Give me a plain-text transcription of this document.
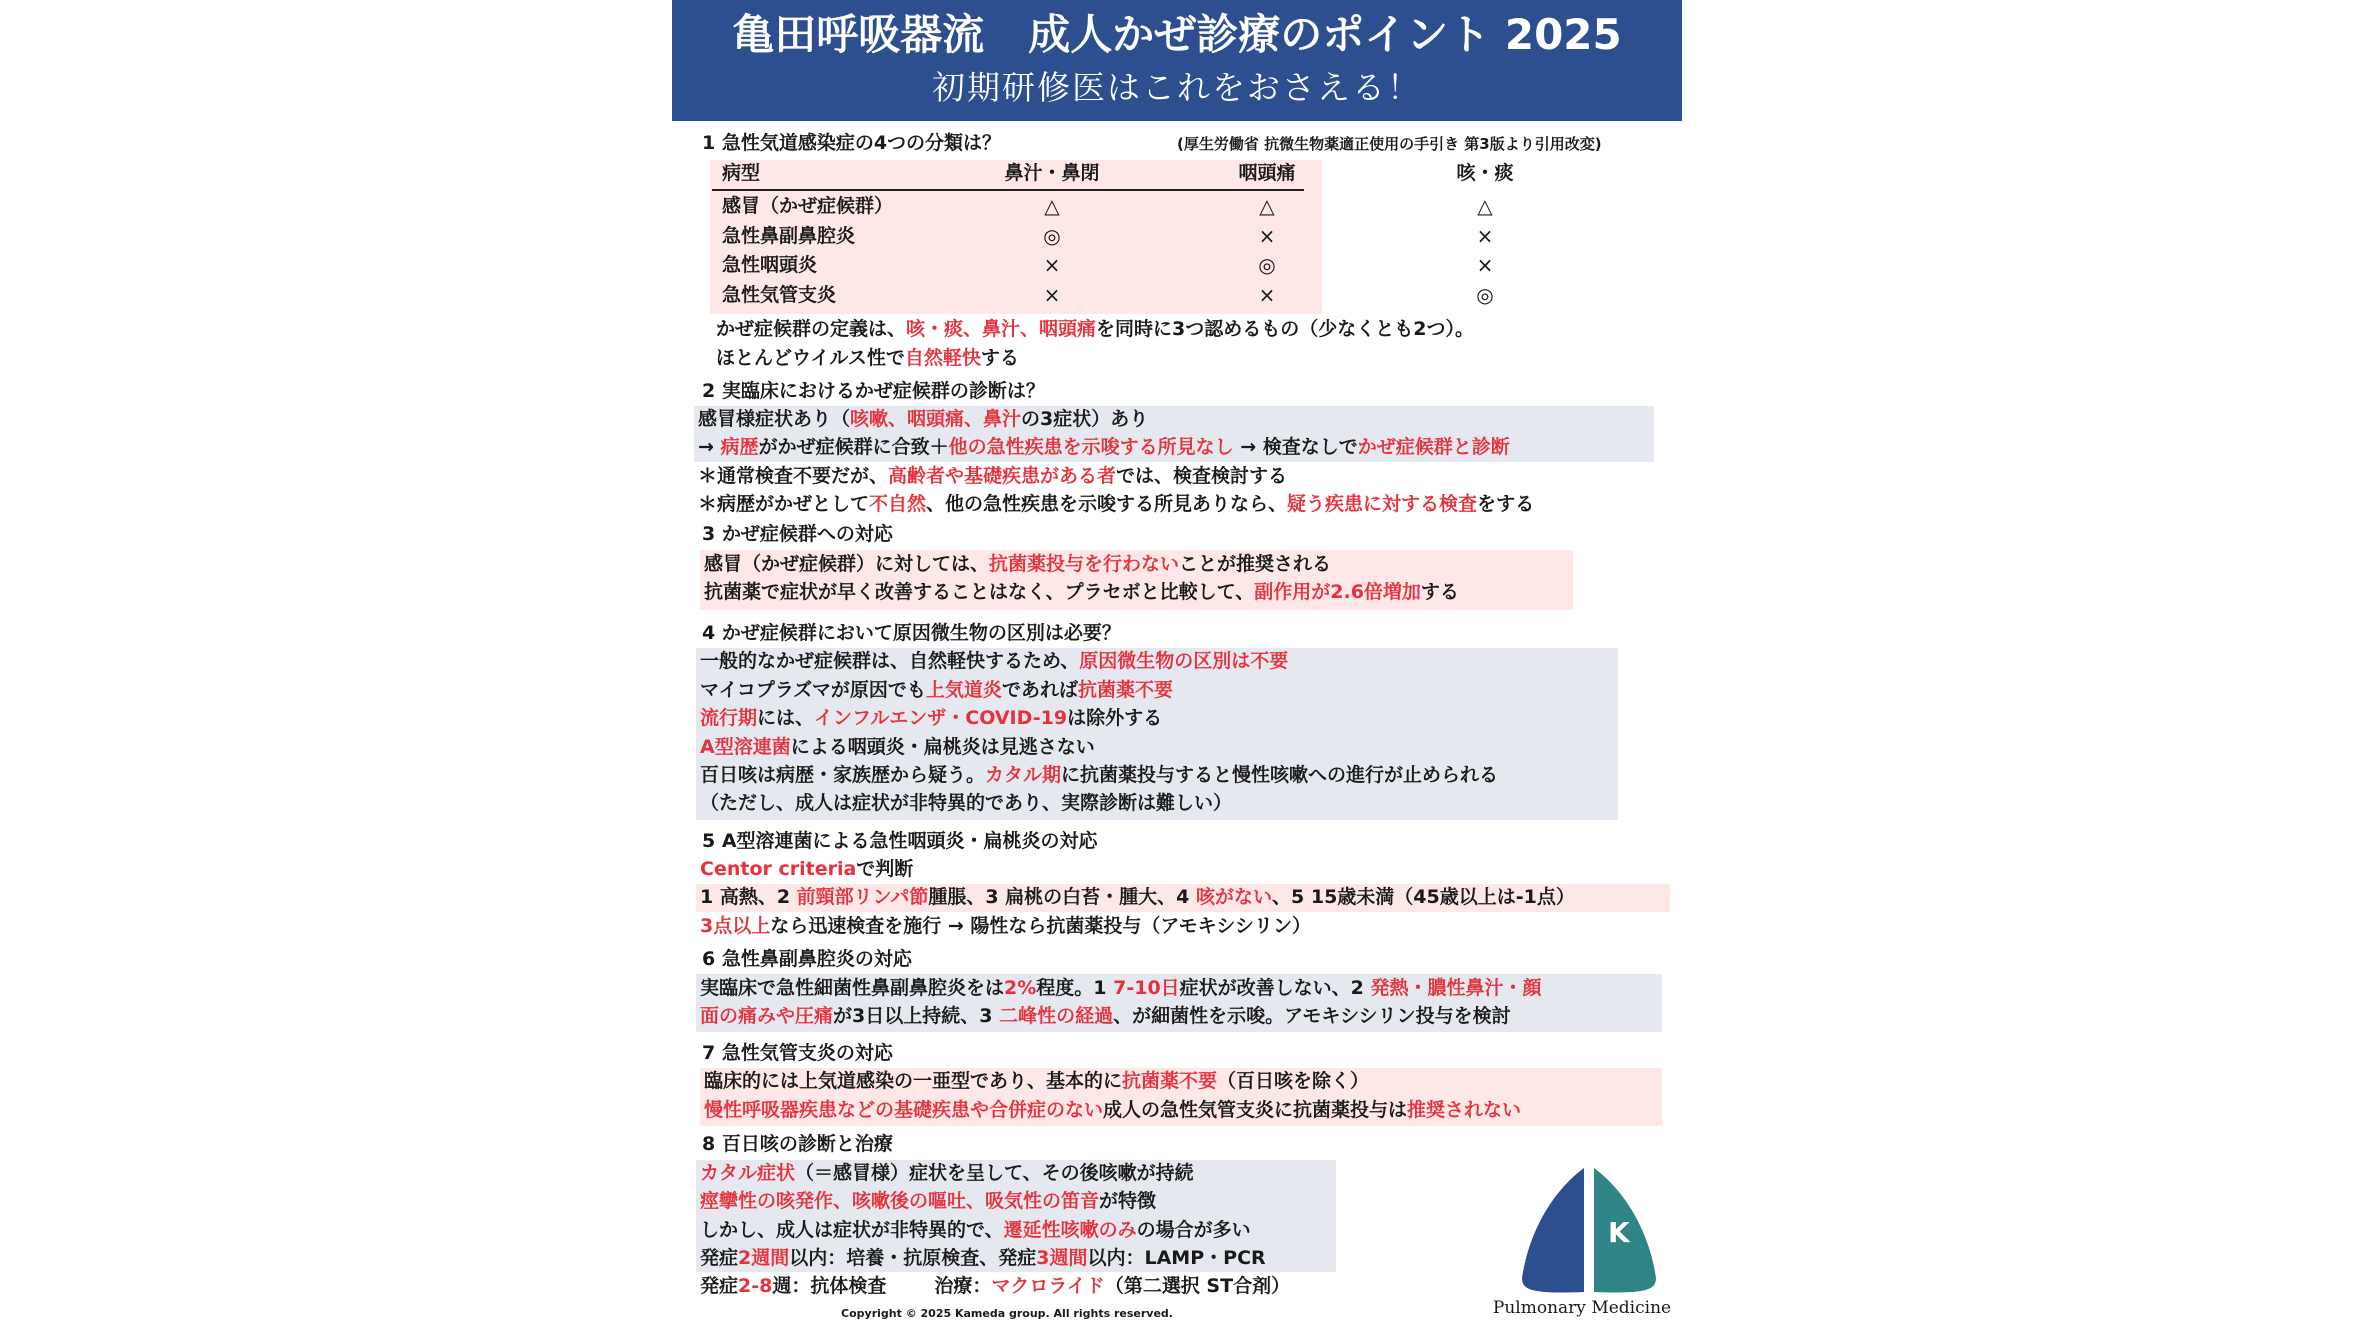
亀田呼吸器流 成人かぜ診療のポイント 2025
初期研修医はこれをおさえる！
1 急性気道感染症の4つの分類は？	(厚生労働省 抗微生物薬適正使用の手引き 第3版より引用改変)
病型	鼻汁・鼻閉	咽頭痛	咳・痰
感冒（かぜ症候群）	△	△	△
急性鼻副鼻腔炎	◎	×	×
急性咽頭炎	×	◎	×
急性気管支炎	×	×	◎
かぜ症候群の定義は、咳・痰、鼻汁、咽頭痛を同時に3つ認めるもの（少なくとも2つ）。
ほとんどウイルス性で自然軽快する
2 実臨床におけるかぜ症候群の診断は？
感冒様症状あり（咳嗽、咽頭痛、鼻汁の3症状）あり
→ 病歴がかぜ症候群に合致＋他の急性疾患を示唆する所見なし → 検査なしでかぜ症候群と診断
＊通常検査不要だが、高齢者や基礎疾患がある者では、検査検討する
＊病歴がかぜとして不自然、他の急性疾患を示唆する所見ありなら、疑う疾患に対する検査をする
3 かぜ症候群への対応
感冒（かぜ症候群）に対しては、抗菌薬投与を行わないことが推奨される
抗菌薬で症状が早く改善することはなく、プラセボと比較して、副作用が2.6倍増加する
4 かぜ症候群において原因微生物の区別は必要？
一般的なかぜ症候群は、自然軽快するため、原因微生物の区別は不要
マイコプラズマが原因でも上気道炎であれば抗菌薬不要
流行期には、インフルエンザ・COVID-19は除外する
A型溶連菌による咽頭炎・扁桃炎は見逃さない
百日咳は病歴・家族歴から疑う。カタル期に抗菌薬投与すると慢性咳嗽への進行が止められる
（ただし、成人は症状が非特異的であり、実際診断は難しい）
5 A型溶連菌による急性咽頭炎・扁桃炎の対応
Centor criteriaで判断
1 高熱、2 前頸部リンパ節腫脹、3 扁桃の白苔・腫大、4 咳がない、5 15歳未満（45歳以上は-1点）
3点以上なら迅速検査を施行 → 陽性なら抗菌薬投与（アモキシシリン）
6 急性鼻副鼻腔炎の対応
実臨床で急性細菌性鼻副鼻腔炎をは2%程度。1 7-10日症状が改善しない、2 発熱・膿性鼻汁・顔
面の痛みや圧痛が3日以上持続、3 二峰性の経過、が細菌性を示唆。アモキシシリン投与を検討
7 急性気管支炎の対応
臨床的には上気道感染の一亜型であり、基本的に抗菌薬不要（百日咳を除く）
慢性呼吸器疾患などの基礎疾患や合併症のない成人の急性気管支炎に抗菌薬投与は推奨されない
8 百日咳の診断と治療
カタル症状（＝感冒様）症状を呈して、その後咳嗽が持続
痙攣性の咳発作、咳嗽後の嘔吐、吸気性の笛音が特徴
しかし、成人は症状が非特異的で、遷延性咳嗽のみの場合が多い
発症2週間以内：培養・抗原検査、発症3週間以内：LAMP・PCR
発症2-8週：抗体検査	治療：マクロライド（第二選択 ST合剤）
Copyright © 2025 Kameda group. All rights reserved.
K
Pulmonary Medicine
